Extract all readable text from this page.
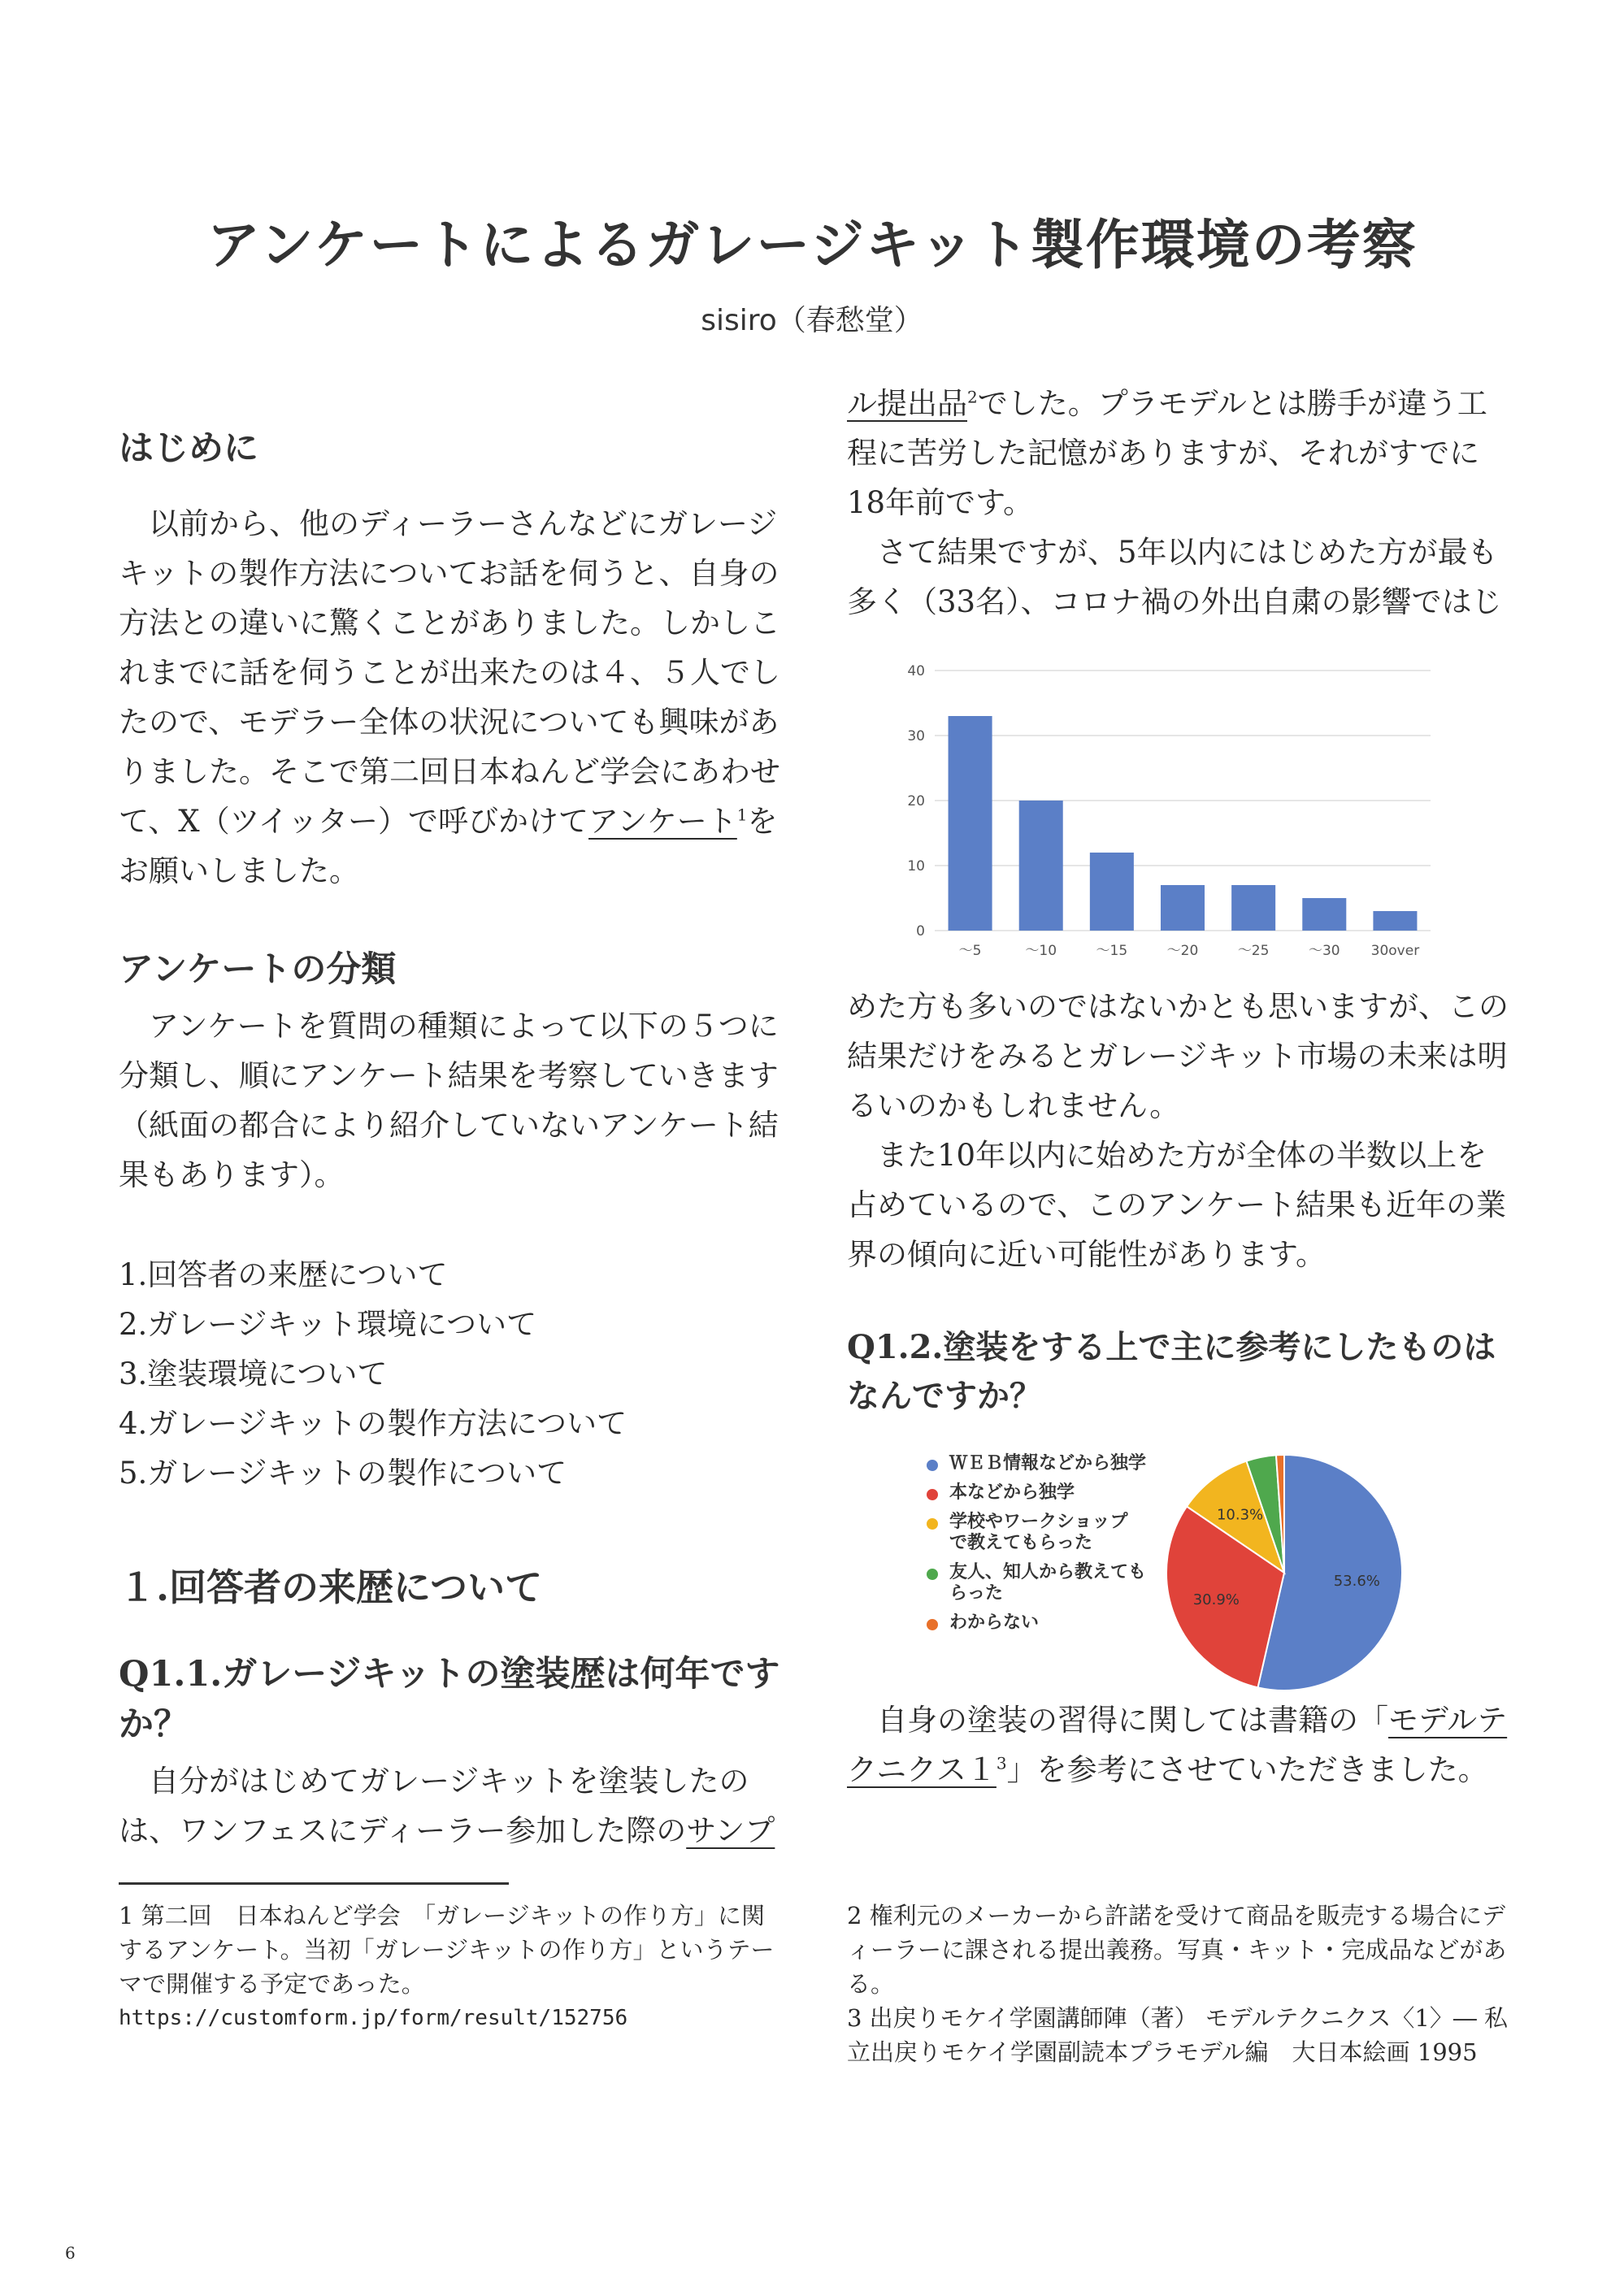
アンケートによるガレージキット製作環境の考察
sisiro（春愁堂）
はじめに

以前から、他のディーラーさんなどにガレージキットの製作方法についてお話を伺うと、自身の方法との違いに驚くことがありました。しかしこれまでに話を伺うことが出来たのは４、５人でしたので、モデラー全体の状況についても興味がありました。そこで第二回日本ねんど学会にあわせて、X（ツイッター）で呼びかけてアンケート$^1$をお願いしました。

アンケートの分類

アンケートを質問の種類によって以下の５つに分類し、順にアンケート結果を考察していきます（紙面の都合により紹介していないアンケート結果もあります）。

1.回答者の来歴について
2.ガレージキット環境について
3.塗装環境について
4.ガレージキットの製作方法について
5.ガレージキットの製作について
１.回答者の来歴について
Q1.1.ガレージキットの塗装歴は何年ですか？

自分がはじめてガレージキットを塗装したのは、ワンフェスにディーラー参加した際のサンプ

ル提出品$^2$でした。プラモデルとは勝手が違う工程に苦労した記憶がありますが、それがすでに18年前です。

さて結果ですが、5年以内にはじめた方が最も多く（33名）、コロナ禍の外出自粛の影響ではじ

0
10
20
30
40
～5	～10	～15	～20	～25	～30 30over

めた方も多いのではないかとも思いますが、この結果だけをみるとガレージキット市場の未来は明るいのかもしれません。

また10年以内に始めた方が全体の半数以上を占めているので、このアンケート結果も近年の業界の傾向に近い可能性があります。

Q1.2.塗装をする上で主に参考にしたものはなんですか？
ＷＥＢ情報などから独学
本などから独学
学校やワークショップで教えてもらった
友人、知人から教えてもらった
わからない
53.6%
30.9%
10.3%

自身の塗装の習得に関しては書籍の「モデルテクニクス$1^3$」を参考にさせていただきました。

1 第二回　日本ねんど学会　「ガレージキットの作り方」に関するアンケート。当初「ガレージキットの作り方」というテーマで開催する予定であった。
https://customform.jp/form/result/152756
2 権利元のメーカーから許諾を受けて商品を販売する場合にディーラーに課される提出義務。写真・キット・完成品などがある。
3 出戻りモケイ学園講師陣（著） モデルテクニクス〈1〉― 私立出戻りモケイ学園副読本プラモデル編　大日本絵画 1995
6
